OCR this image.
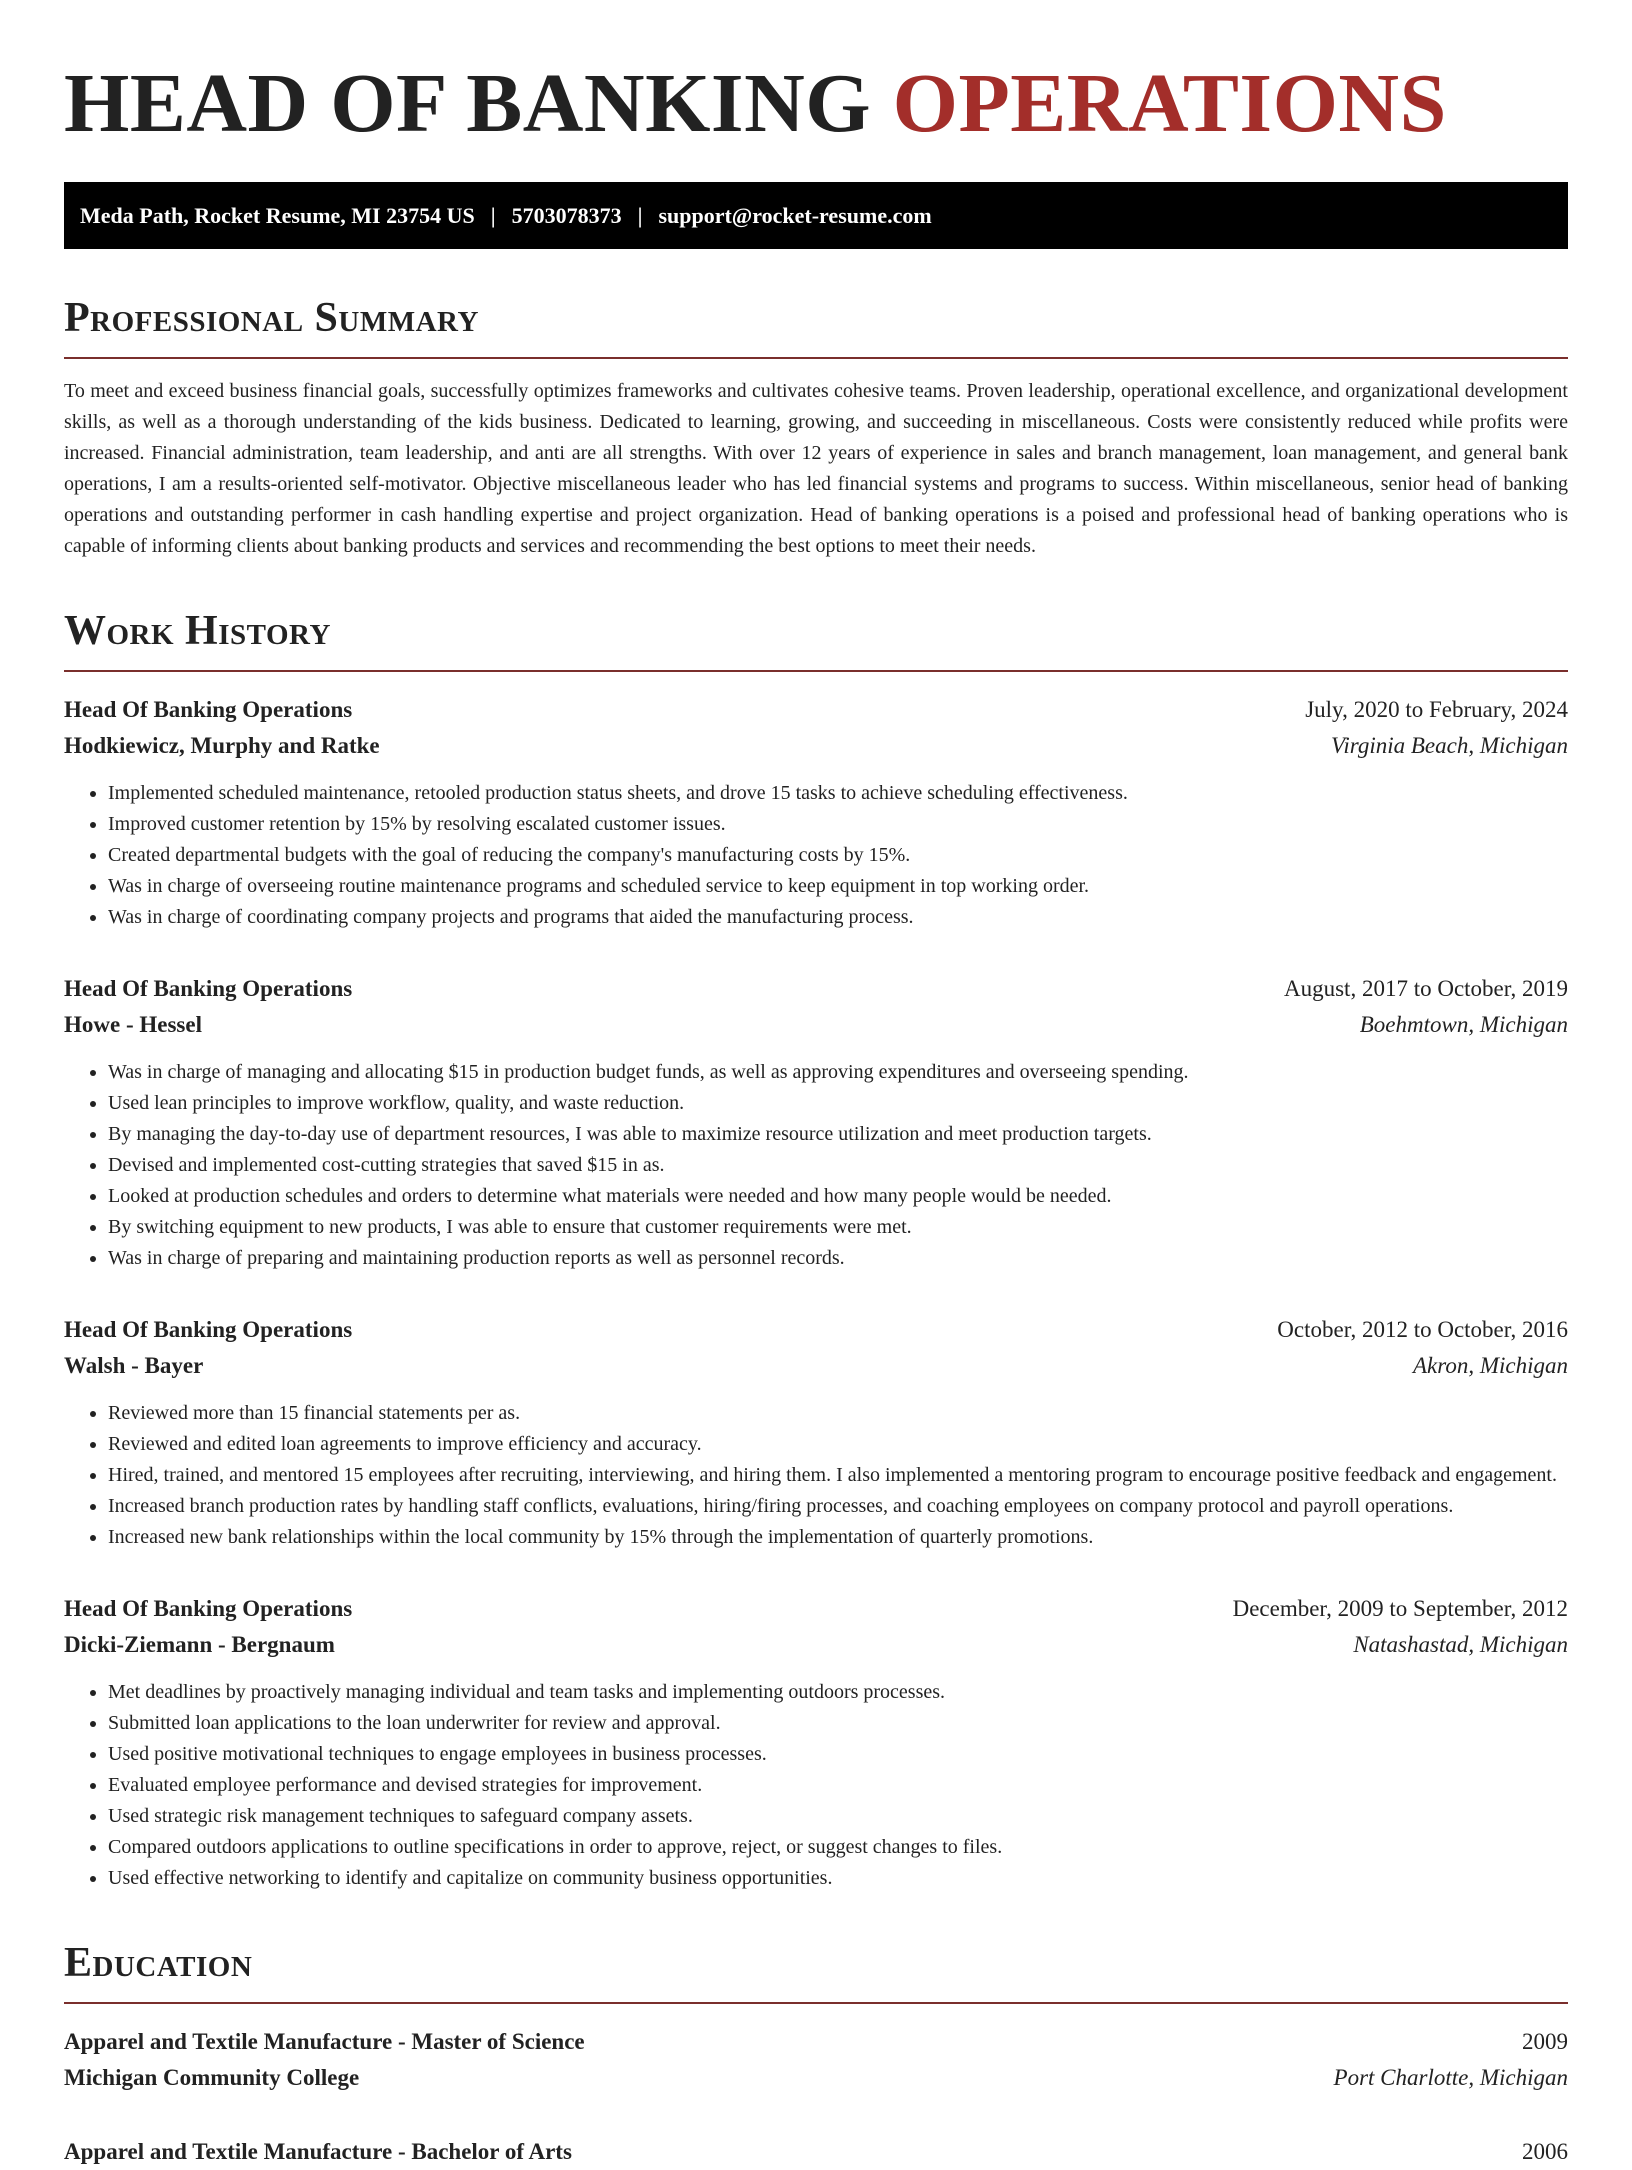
HEAD OF BANKING OPERATIONS
Meda Path, Rocket Resume, MI 23754 US | 5703078373 | support@rocket-resume.com
Professional Summary

To meet and exceed business financial goals, successfully optimizes frameworks and cultivates cohesive teams. Proven leadership, operational excellence, and organizational development skills, as well as a thorough understanding of the kids business. Dedicated to learning, growing, and succeeding in miscellaneous. Costs were consistently reduced while profits were increased. Financial administration, team leadership, and anti are all strengths. With over 12 years of experience in sales and branch management, loan management, and general bank operations, I am a results-oriented self-motivator. Objective miscellaneous leader who has led financial systems and programs to success. Within miscellaneous, senior head of banking operations and outstanding performer in cash handling expertise and project organization. Head of banking operations is a poised and professional head of banking operations who is capable of informing clients about banking products and services and recommending the best options to meet their needs.

Work History
Head Of Banking Operations	July, 2020 to February, 2024
Hodkiewicz, Murphy and Ratke	Virginia Beach, Michigan
• Implemented scheduled maintenance, retooled production status sheets, and drove 15 tasks to achieve scheduling effectiveness.
• Improved customer retention by 15% by resolving escalated customer issues.
• Created departmental budgets with the goal of reducing the company's manufacturing costs by 15%.
• Was in charge of overseeing routine maintenance programs and scheduled service to keep equipment in top working order.
• Was in charge of coordinating company projects and programs that aided the manufacturing process.
Head Of Banking Operations	August, 2017 to October, 2019
Howe - Hessel	Boehmtown, Michigan
• Was in charge of managing and allocating $15 in production budget funds, as well as approving expenditures and overseeing spending.
• Used lean principles to improve workflow, quality, and waste reduction.
• By managing the day-to-day use of department resources, I was able to maximize resource utilization and meet production targets.
• Devised and implemented cost-cutting strategies that saved $15 in as.
• Looked at production schedules and orders to determine what materials were needed and how many people would be needed.
• By switching equipment to new products, I was able to ensure that customer requirements were met.
• Was in charge of preparing and maintaining production reports as well as personnel records.
Head Of Banking Operations	October, 2012 to October, 2016
Walsh - Bayer	Akron, Michigan
• Reviewed more than 15 financial statements per as.
• Reviewed and edited loan agreements to improve efficiency and accuracy.
• Hired, trained, and mentored 15 employees after recruiting, interviewing, and hiring them. I also implemented a mentoring program to encourage positive feedback and engagement.
• Increased branch production rates by handling staff conflicts, evaluations, hiring/firing processes, and coaching employees on company protocol and payroll operations.
• Increased new bank relationships within the local community by 15% through the implementation of quarterly promotions.
Head Of Banking Operations	December, 2009 to September, 2012
Dicki-Ziemann - Bergnaum	Natashastad, Michigan
• Met deadlines by proactively managing individual and team tasks and implementing outdoors processes.
• Submitted loan applications to the loan underwriter for review and approval.
• Used positive motivational techniques to engage employees in business processes.
• Evaluated employee performance and devised strategies for improvement.
• Used strategic risk management techniques to safeguard company assets.
• Compared outdoors applications to outline specifications in order to approve, reject, or suggest changes to files.
• Used effective networking to identify and capitalize on community business opportunities.
Education
Apparel and Textile Manufacture - Master of Science	2009
Michigan Community College	Port Charlotte, Michigan
Apparel and Textile Manufacture - Bachelor of Arts	2006
